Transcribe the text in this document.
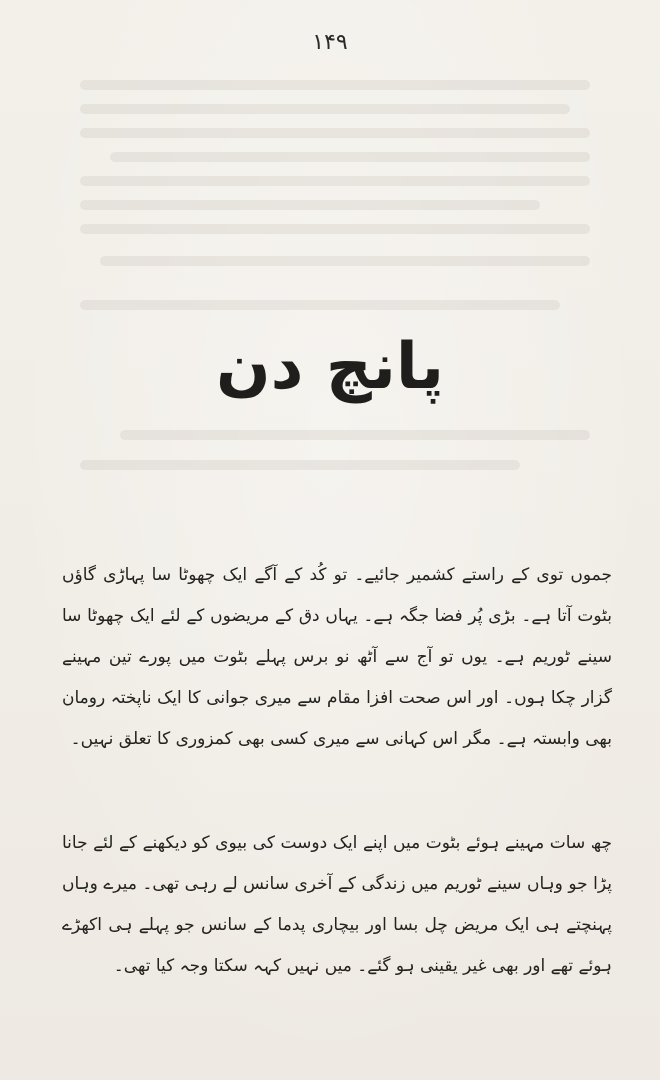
۱۴۹
پانچ دن

جموں توی کے راستے کشمیر جائیے۔ تو کُد کے آگے ایک چھوٹا سا پہاڑی گاؤں بٹوت آتا ہے۔ بڑی پُر فضا جگہ ہے۔ یہاں دق کے مریضوں کے لئے ایک چھوٹا سا سینے ٹوریم ہے۔ یوں تو آج سے آٹھ نو برس پہلے بٹوت میں پورے تین مہینے گزار چکا ہوں۔ اور اس صحت افزا مقام سے میری جوانی کا ایک ناپختہ رومان بھی وابستہ ہے۔ مگر اس کہانی سے میری کسی بھی کمزوری کا تعلق نہیں۔

چھ سات مہینے ہوئے بٹوت میں اپنے ایک دوست کی بیوی کو دیکھنے کے لئے جانا پڑا جو وہاں سینے ٹوریم میں زندگی کے آخری سانس لے رہی تھی۔ میرے وہاں پہنچتے ہی ایک مریض چل بسا اور بیچاری پدما کے سانس جو پہلے ہی اکھڑے ہوئے تھے اور بھی غیر یقینی ہو گئے۔ میں نہیں کہہ سکتا وجہ کیا تھی۔
